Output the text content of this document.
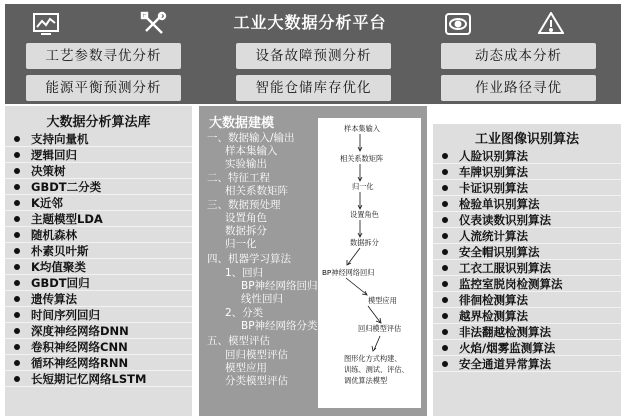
工业大数据分析平台
工艺参数寻优分析	设备故障预测分析	动态成本分析
能源平衡预测分析	智能仓储库存优化	作业路径寻优
大数据分析算法库
支持向量机
逻辑回归
决策树
GBDT二分类
K近邻
主题模型LDA
随机森林
朴素贝叶斯
K均值聚类
GBDT回归
遗传算法
时间序列回归
深度神经网络DNN
卷积神经网络CNN
循环神经网络RNN
长短期记忆网络LSTM
大数据建模
一、数据输入/输出
样本集输入
实验输出
二、特征工程
相关系数矩阵
三、数据预处理
设置角色
数据拆分
归一化
四、机器学习算法
1、回归
BP神经网络回归
线性回归
2、分类
BP神经网络分类
五、模型评估
回归模型评估
模型应用
分类模型评估
样本集输入
相关系数矩阵
归一化
设置角色
数据拆分
BP神经网络回归
模型应用
回归模型评估
图形化方式构建、
训练、测试、评估、
调优算法模型
工业图像识别算法
人脸识别算法
车牌识别算法
卡证识别算法
检验单识别算法
仪表读数识别算法
人流统计算法
安全帽识别算法
工衣工服识别算法
监控室脱岗检测算法
徘徊检测算法
越界检测算法
非法翻越检测算法
火焰/烟雾监测算法
安全通道异常算法
